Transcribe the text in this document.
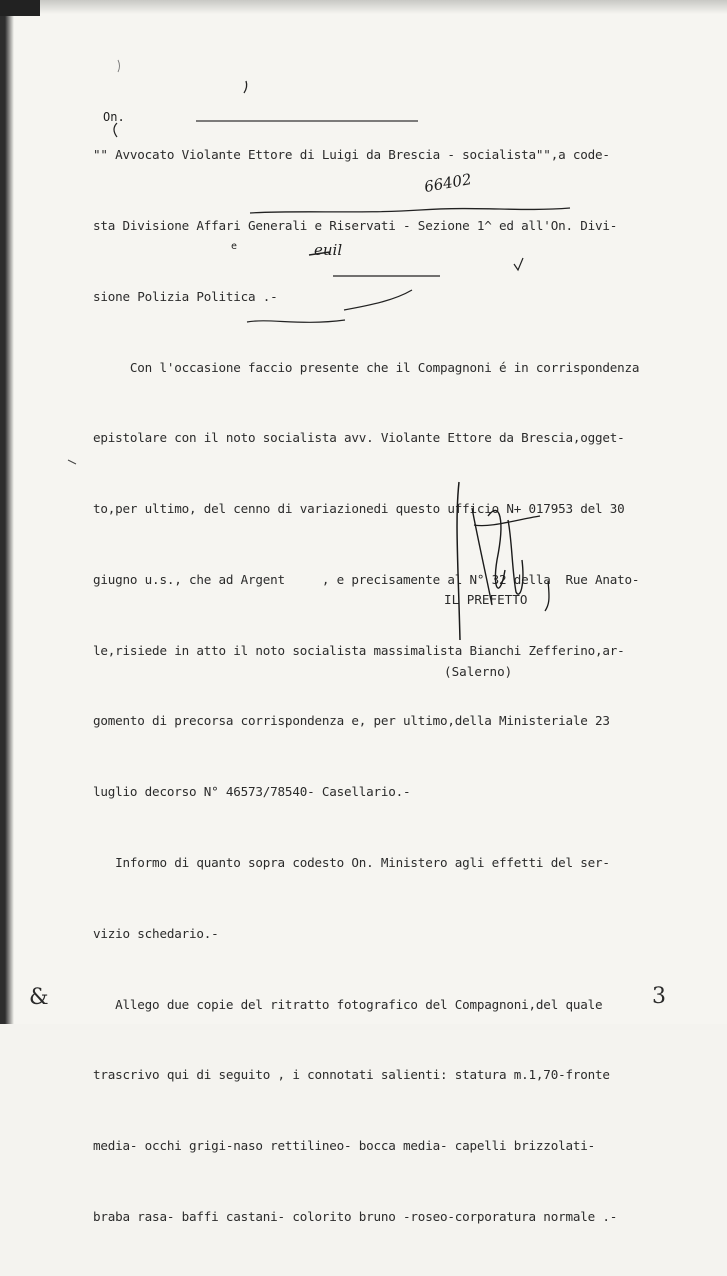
"" Avvocato Violante Ettore di Luigi da Brescia - socialista"",a code-

sta Divisione Affari Generali e Riservati - Sezione 1^ ed all'On. Divi-

sione Polizia Politica .-

Con l'occasione faccio presente che il Compagnoni é in corrispondenza

epistolare con il noto socialista avv. Violante Ettore da Brescia,ogget-

to,per ultimo, del cenno di variazionedi questo ufficio N+ 017953 del 30

giugno u.s., che ad Argent     , e precisamente al N° 32 della  Rue Anato-

le,risiede in atto il noto socialista massimalista Bianchi Zefferino,ar-

gomento di precorsa corrispondenza e, per ultimo,della Ministeriale 23

luglio decorso N° 46573/78540- Casellario.-

Informo di quanto sopra codesto On. Ministero agli effetti del ser-

vizio schedario.-

Allego due copie del ritratto fotografico del Compagnoni,del quale

trascrivo qui di seguito , i connotati salienti: statura m.1,70-fronte

media- occhi grigi-naso rettilineo- bocca media- capelli brizzolati-

braba rasa- baffi castani- colorito bruno -roseo-corporatura normale .-

On.
66402
e	euil

IL PREFETTO

(Salerno)

&	3
